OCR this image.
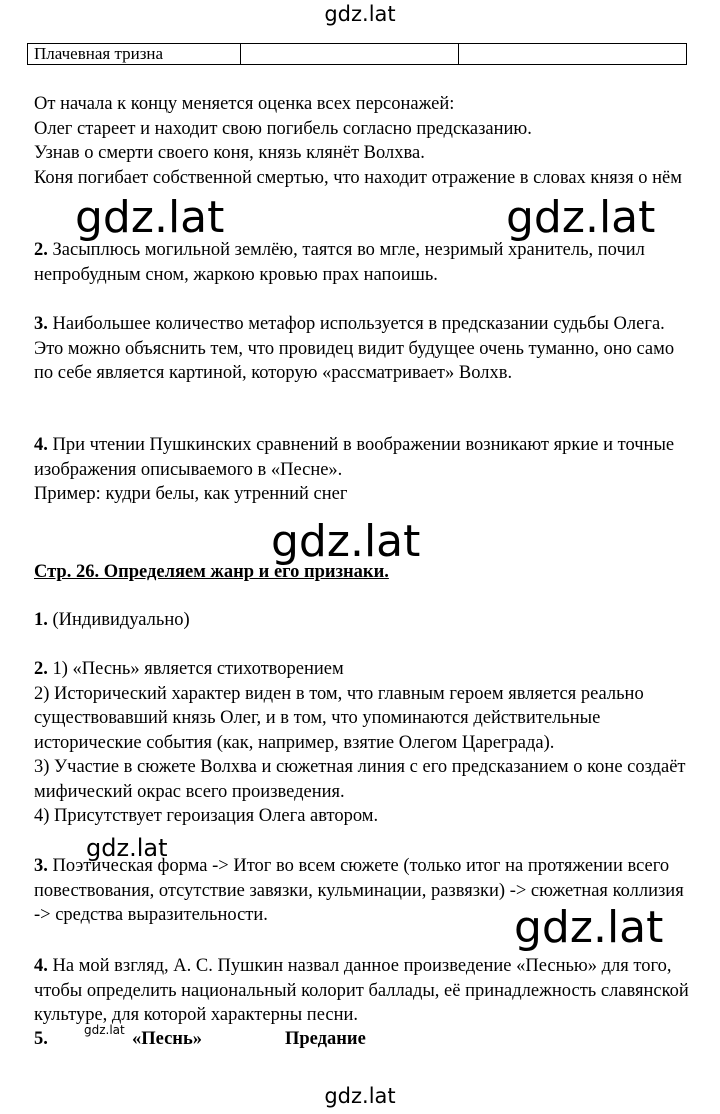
gdz.lat
gdz.lat	gdz.lat
gdz.lat
gdz.lat
gdz.lat
gdz.lat
gdz.lat
Плачевная тризна		

От начала к концу меняется оценка всех персонажей:

Олег стареет и находит свою погибель согласно предсказанию.

Узнав о смерти своего коня, князь клянёт Волхва.

Коня погибает собственной смертью, что находит отражение в словах князя о нём

2. Засыплюсь могильной землёю, таятся во мгле, незримый хранитель, почил непробудным сном, жаркою кровью прах напоишь.

3. Наибольшее количество метафор используется в предсказании судьбы Олега. Это можно объяснить тем, что провидец видит будущее очень туманно, оно само по себе является картиной, которую «рассматривает» Волхв.

4. При чтении Пушкинских сравнений в воображении возникают яркие и точные изображения описываемого в «Песне».

Пример: кудри белы, как утренний снег

Стр. 26. Определяем жанр и его признаки.

1. (Индивидуально)

2. 1) «Песнь» является стихотворением

2) Исторический характер виден в том, что главным героем является реально существовавший князь Олег, и в том, что упоминаются действительные исторические события (как, например, взятие Олегом Цареграда).

3) Участие в сюжете Волхва и сюжетная линия с его предсказанием о коне создаёт мифический окрас всего произведения.

4) Присутствует героизация Олега автором.

3. Поэтическая форма -> Итог во всем сюжете (только итог на протяжении всего повествования, отсутствие завязки, кульминации, развязки) -> сюжетная коллизия -> средства выразительности.

4. На мой взгляд, А. С. Пушкин назвал данное произведение «Песнью» для того, чтобы определить национальный колорит баллады, её принадлежность славянской культуре, для которой характерны песни.

5.	«Песнь»	Предание
